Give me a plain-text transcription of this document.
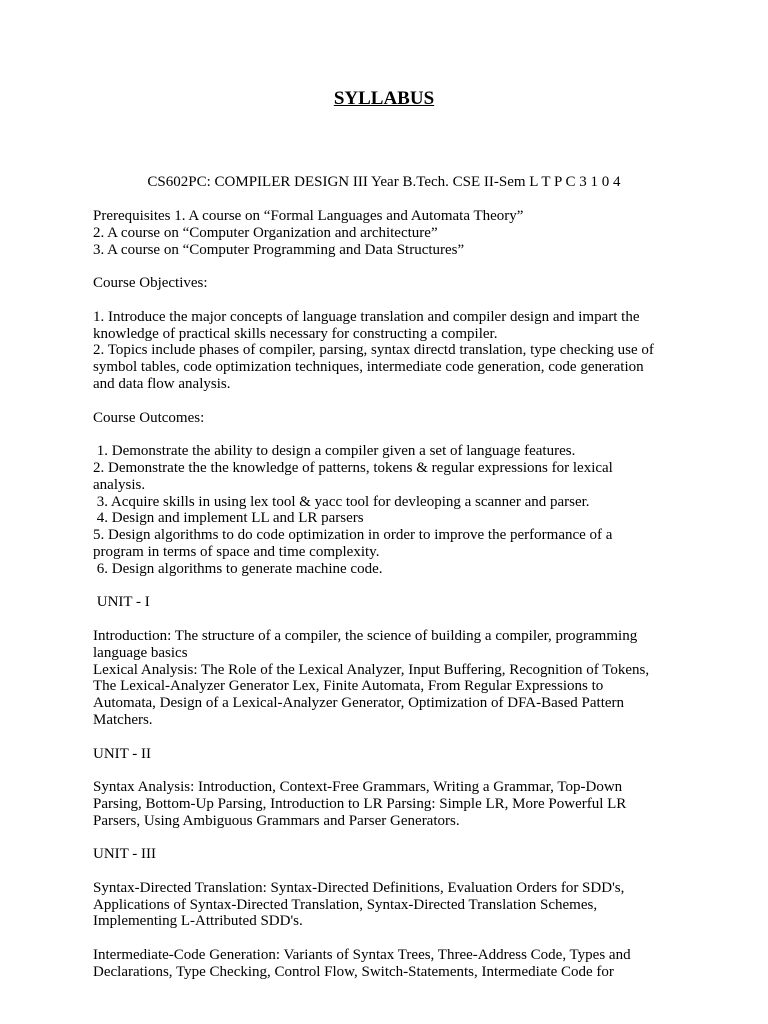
SYLLABUS
CS602PC: COMPILER DESIGN III Year B.Tech. CSE II-Sem L T P C 3 1 0 4
Prerequisites 1. A course on “Formal Languages and Automata Theory”
2. A course on “Computer Organization and architecture”
3. A course on “Computer Programming and Data Structures”
Course Objectives:
1. Introduce the major concepts of language translation and compiler design and impart the
knowledge of practical skills necessary for constructing a compiler.
2. Topics include phases of compiler, parsing, syntax directd translation, type checking use of
symbol tables, code optimization techniques, intermediate code generation, code generation
and data flow analysis.
Course Outcomes:
1. Demonstrate the ability to design a compiler given a set of language features.
2. Demonstrate the the knowledge of patterns, tokens & regular expressions for lexical
analysis.
3. Acquire skills in using lex tool & yacc tool for devleoping a scanner and parser.
4. Design and implement LL and LR parsers
5. Design algorithms to do code optimization in order to improve the performance of a
program in terms of space and time complexity.
6. Design algorithms to generate machine code.
UNIT - I
Introduction: The structure of a compiler, the science of building a compiler, programming
language basics
Lexical Analysis: The Role of the Lexical Analyzer, Input Buffering, Recognition of Tokens,
The Lexical-Analyzer Generator Lex, Finite Automata, From Regular Expressions to
Automata, Design of a Lexical-Analyzer Generator, Optimization of DFA-Based Pattern
Matchers.
UNIT - II
Syntax Analysis: Introduction, Context-Free Grammars, Writing a Grammar, Top-Down
Parsing, Bottom-Up Parsing, Introduction to LR Parsing: Simple LR, More Powerful LR
Parsers, Using Ambiguous Grammars and Parser Generators.
UNIT - III
Syntax-Directed Translation: Syntax-Directed Definitions, Evaluation Orders for SDD's,
Applications of Syntax-Directed Translation, Syntax-Directed Translation Schemes,
Implementing L-Attributed SDD's.
Intermediate-Code Generation: Variants of Syntax Trees, Three-Address Code, Types and
Declarations, Type Checking, Control Flow, Switch-Statements, Intermediate Code for
